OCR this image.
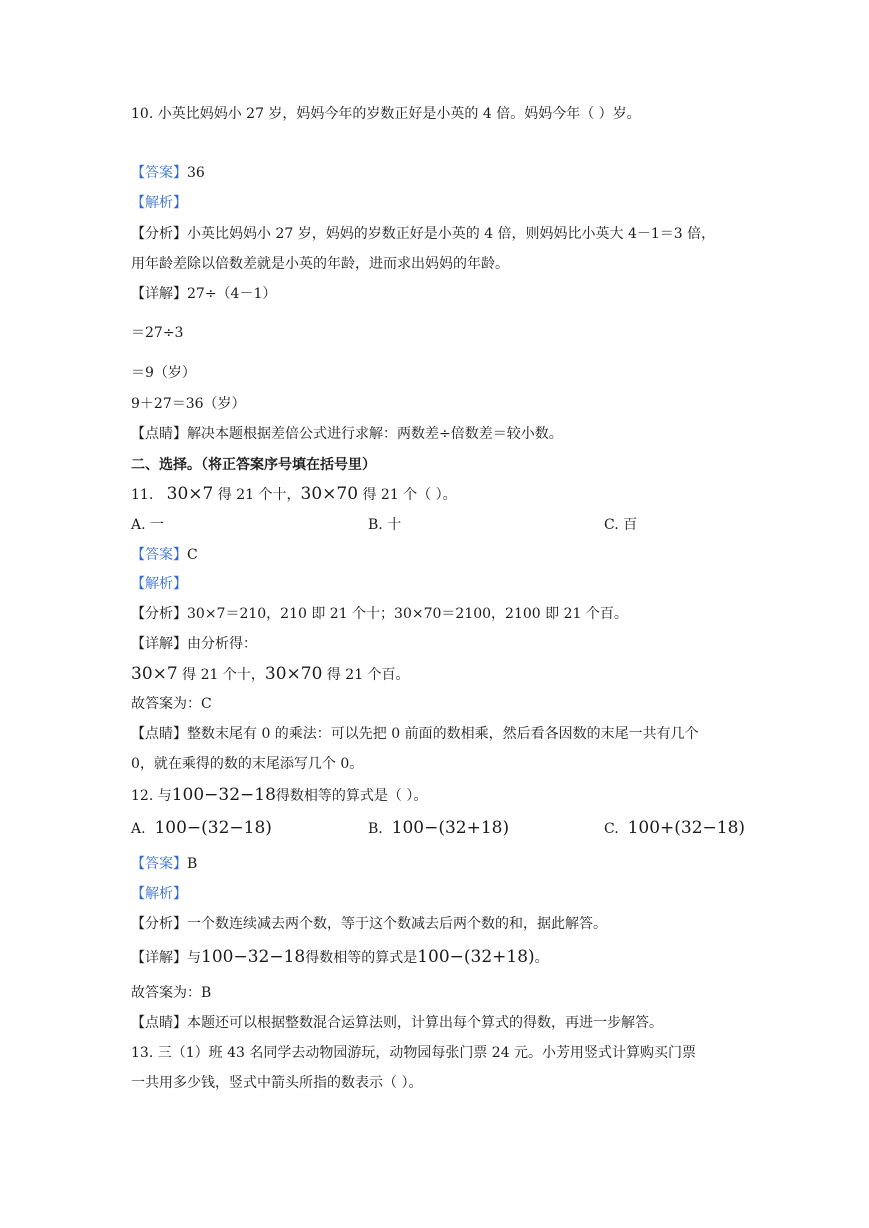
10. 小英比妈妈小 27 岁，妈妈今年的岁数正好是小英的 4 倍。妈妈今年（ ）岁。
【答案】36
【解析】
【分析】小英比妈妈小 27 岁，妈妈的岁数正好是小英的 4 倍，则妈妈比小英大 4－1＝3 倍，
用年龄差除以倍数差就是小英的年龄，进而求出妈妈的年龄。
【详解】27÷（4－1）
＝27÷3
＝9（岁）
9＋27＝36（岁）
【点睛】解决本题根据差倍公式进行求解：两数差÷倍数差＝较小数。
二、选择。（将正答案序号填在括号里）
11. 30×7 得 21 个十，30×70 得 21 个（ ）。
A. 一	B. 十	C. 百
【答案】C
【解析】
【分析】30×7＝210，210 即 21 个十；30×70＝2100，2100 即 21 个百。
【详解】由分析得：
30×7 得 21 个十，30×70 得 21 个百。
故答案为：C
【点睛】整数末尾有 0 的乘法：可以先把 0 前面的数相乘，然后看各因数的末尾一共有几个
0，就在乘得的数的末尾添写几个 0。
12. 与100−32−18得数相等的算式是（ ）。
A. 100−(32−18)	B. 100−(32+18)	C. 100+(32−18)
【答案】B
【解析】
【分析】一个数连续减去两个数，等于这个数减去后两个数的和，据此解答。
【详解】与100−32−18得数相等的算式是100−(32+18)。
故答案为：B
【点睛】本题还可以根据整数混合运算法则，计算出每个算式的得数，再进一步解答。
13. 三（1）班 43 名同学去动物园游玩，动物园每张门票 24 元。小芳用竖式计算购买门票
一共用多少钱，竖式中箭头所指的数表示（ ）。
